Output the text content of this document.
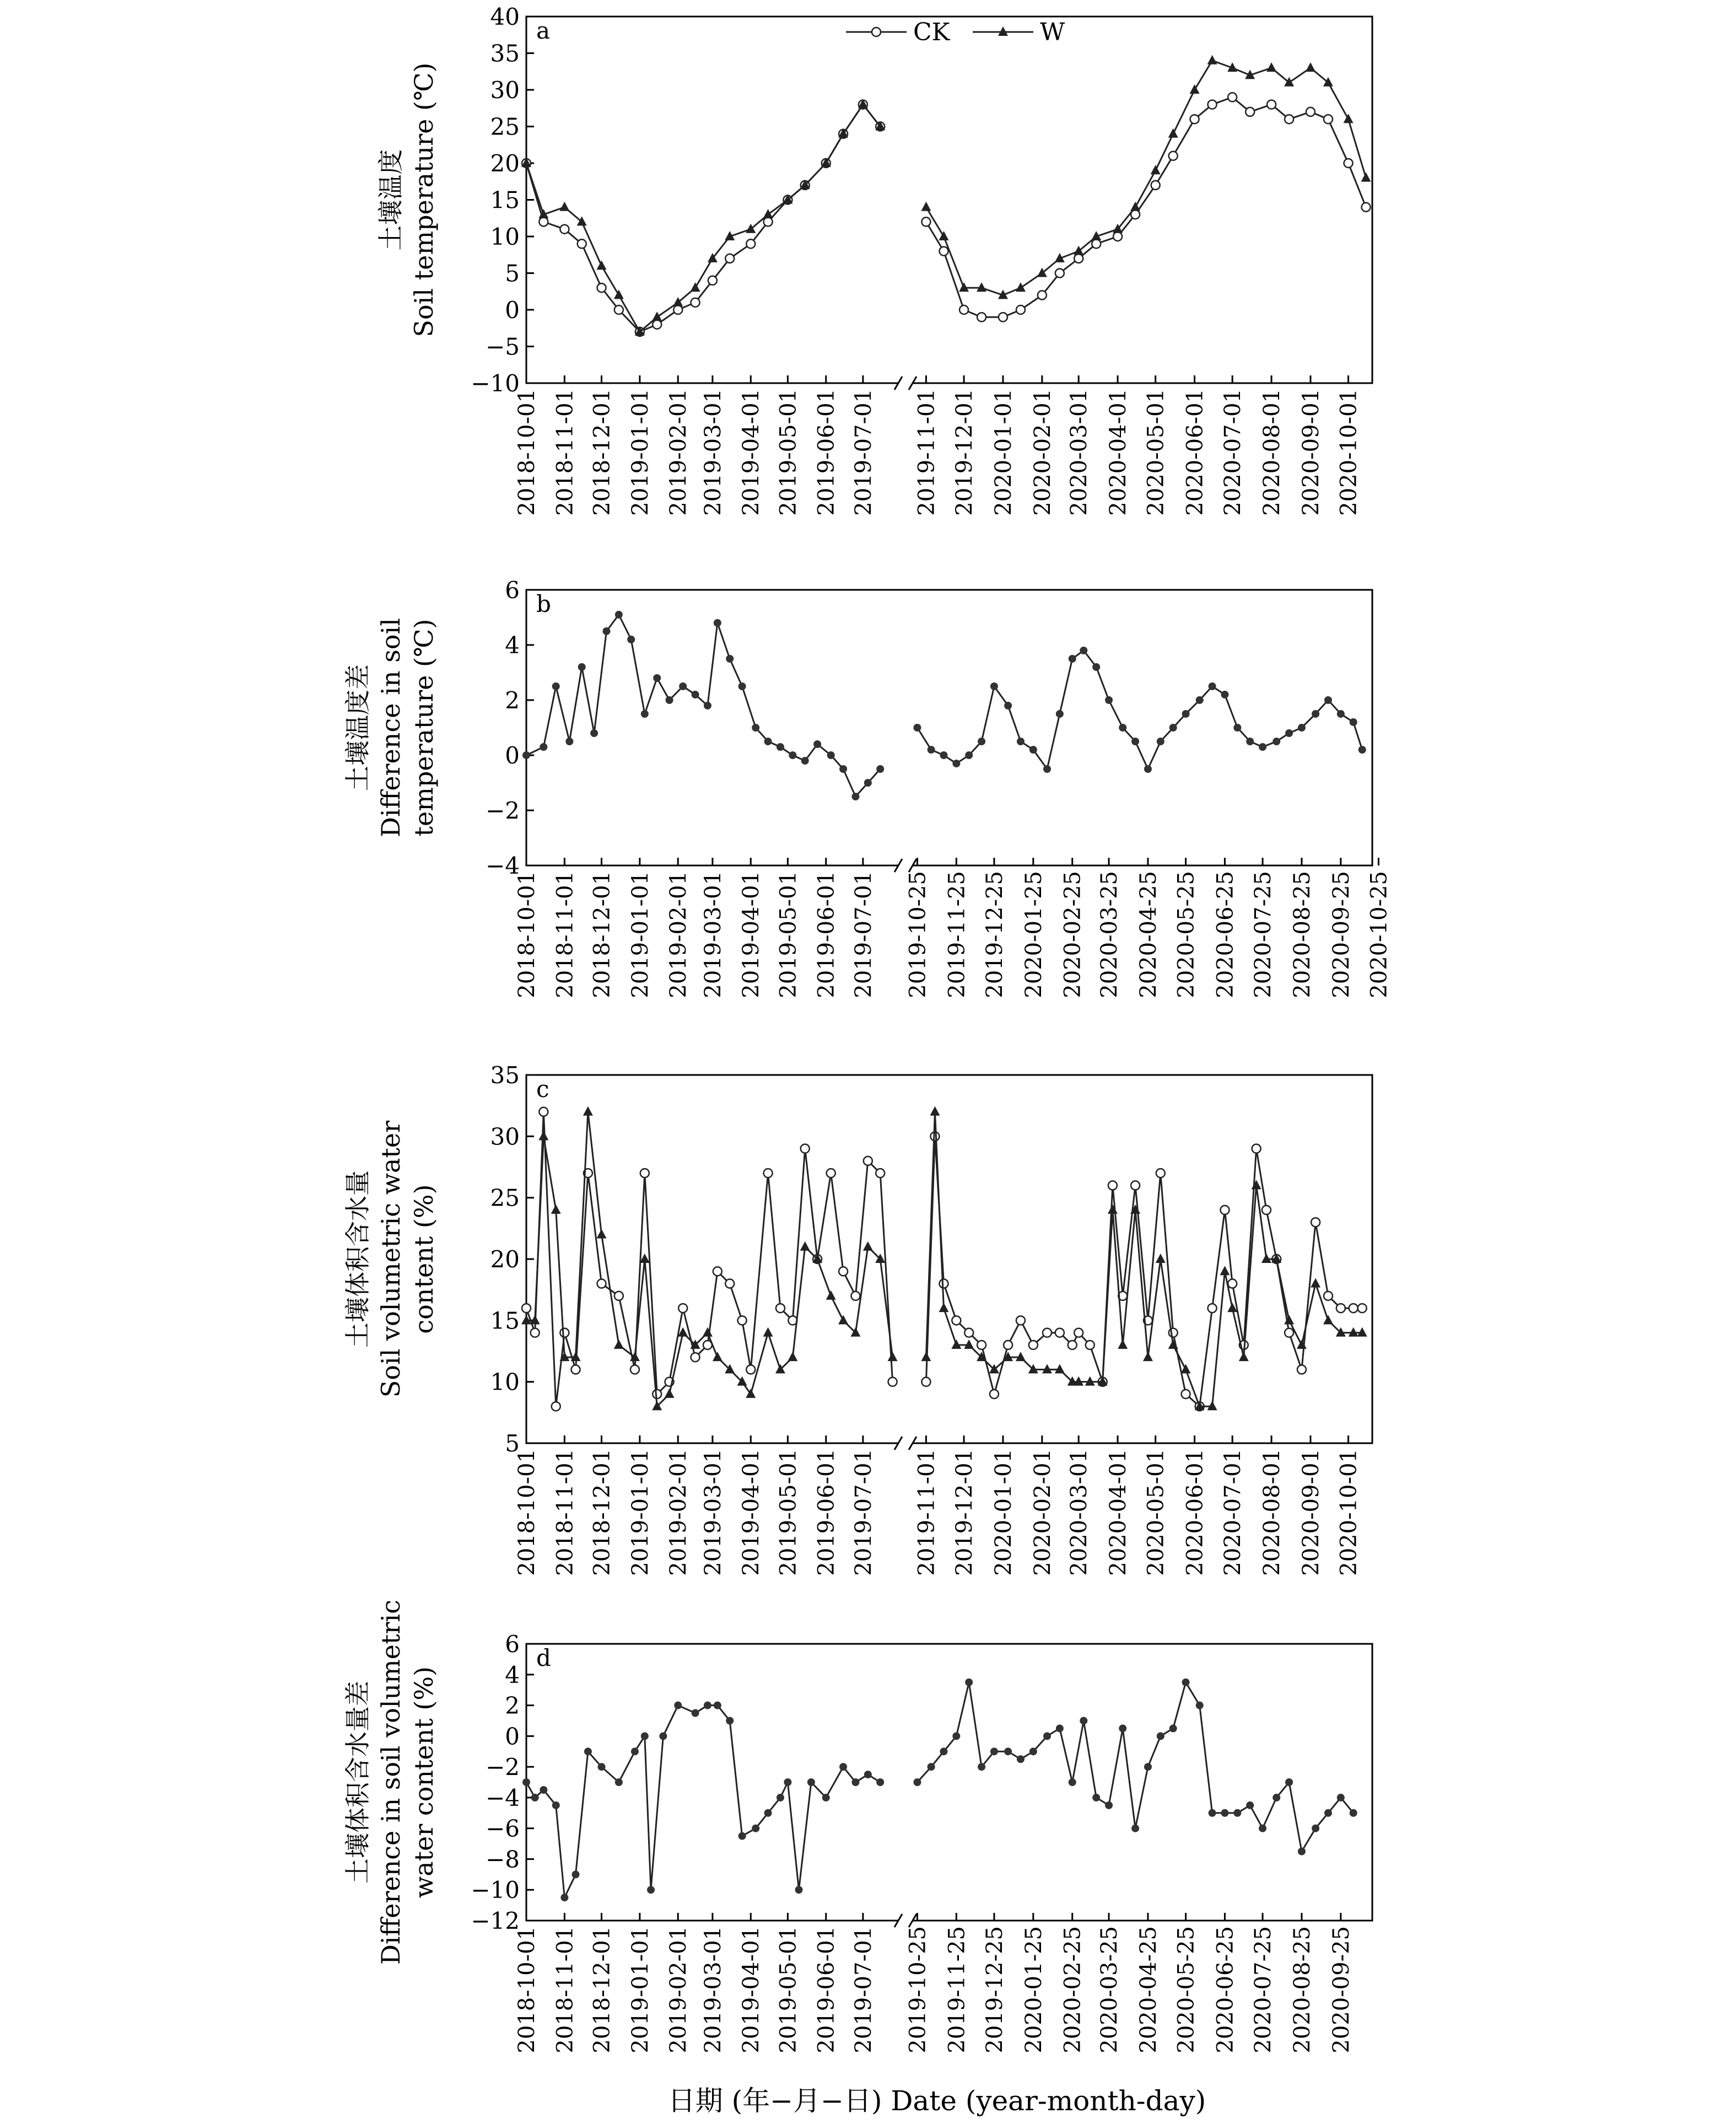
a
−10
−5
0
5
10
15
20
25
30
35
40
2018-10-01 2018-11-01 2018-12-01 2019-01-01 2019-02-01 2019-03-01 2019-04-01 2019-05-01 2019-06-01 2019-07-01 2019-11-01 2019-12-01 2020-01-01 2020-02-01 2020-03-01 2020-04-01 2020-05-01 2020-06-01 2020-07-01 2020-08-01 2020-09-01 2020-10-01
土壤温度 Soil temperature (℃)
CK	W
b
−4
−2
0
2
4
6
2018-10-01 2018-11-01 2018-12-01 2019-01-01 2019-02-01 2019-03-01 2019-04-01 2019-05-01 2019-06-01 2019-07-01 2019-10-25 2019-11-25 2019-12-25 2020-01-25 2020-02-25 2020-03-25 2020-04-25 2020-05-25 2020-06-25 2020-07-25 2020-08-25 2020-09-25 2020-10-25
土壤温度差 Difference in soil temperature (℃)
c
5
10
15
20
25
30
35
2018-10-01 2018-11-01 2018-12-01 2019-01-01 2019-02-01 2019-03-01 2019-04-01 2019-05-01 2019-06-01 2019-07-01 2019-11-01 2019-12-01 2020-01-01 2020-02-01 2020-03-01 2020-04-01 2020-05-01 2020-06-01 2020-07-01 2020-08-01 2020-09-01 2020-10-01
土壤体积含水量 Soil volumetric water content (%)
d
−12
−10
−8
−6
−4
−2
0
2
4
6
2018-10-01 2018-11-01 2018-12-01 2019-01-01 2019-02-01 2019-03-01 2019-04-01 2019-05-01 2019-06-01 2019-07-01 2019-10-25 2019-11-25 2019-12-25 2020-01-25 2020-02-25 2020-03-25 2020-04-25 2020-05-25 2020-06-25 2020-07-25 2020-08-25 2020-09-25
土壤体积含水量差 Difference in soil volumetric water content (%)
日期 (年−月−日) Date (year-month-day)
